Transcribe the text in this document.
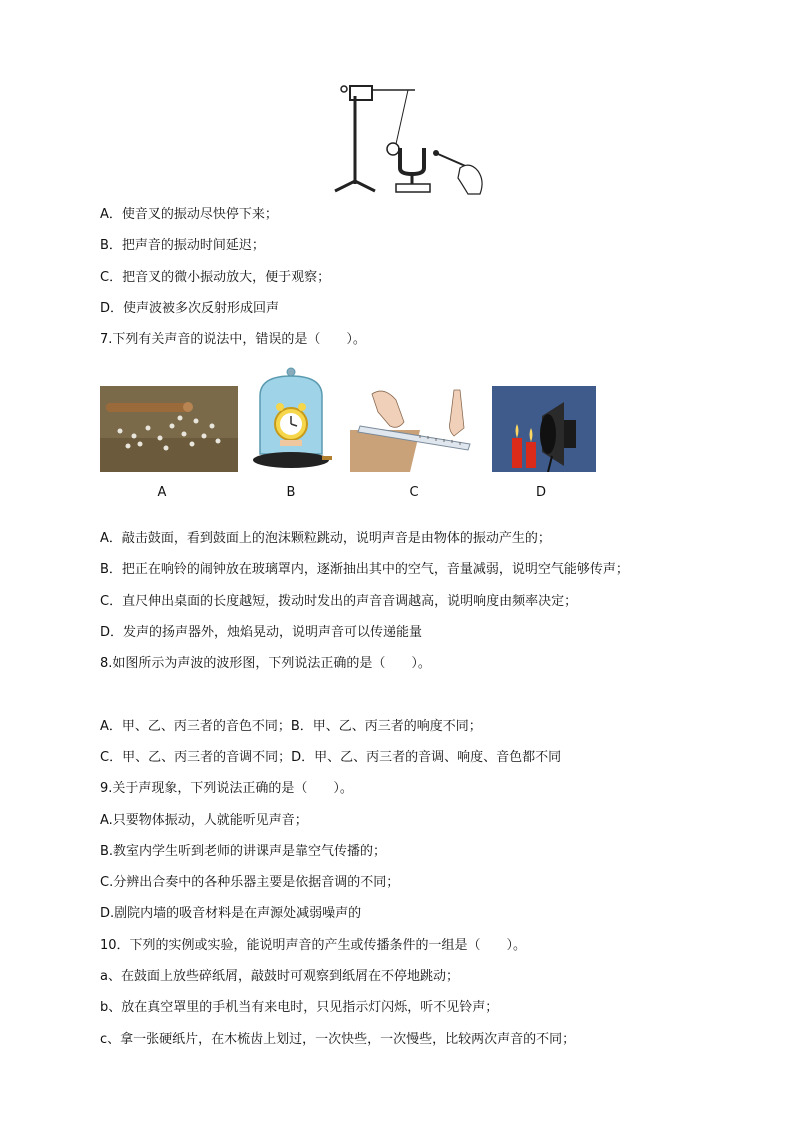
A．使音叉的振动尽快停下来；
B．把声音的振动时间延迟；
C．把音叉的微小振动放大，便于观察；
D．使声波被多次反射形成回声
7.下列有关声音的说法中，错误的是（　　）。
A	B	C	D
A．敲击鼓面，看到鼓面上的泡沫颗粒跳动，说明声音是由物体的振动产生的；
B．把正在响铃的闹钟放在玻璃罩内，逐渐抽出其中的空气，音量减弱，说明空气能够传声；
C．直尺伸出桌面的长度越短，拨动时发出的声音音调越高，说明响度由频率决定；
D．发声的扬声器外，烛焰晃动，说明声音可以传递能量
8.如图所示为声波的波形图，下列说法正确的是（　　）。
A．甲、乙、丙三者的音色不同；B．甲、乙、丙三者的响度不同；
C．甲、乙、丙三者的音调不同；D．甲、乙、丙三者的音调、响度、音色都不同
9.关于声现象，下列说法正确的是（　　）。
A.只要物体振动，人就能听见声音；
B.教室内学生听到老师的讲课声是靠空气传播的；
C.分辨出合奏中的各种乐器主要是依据音调的不同；
D.剧院内墙的吸音材料是在声源处减弱噪声的
10．下列的实例或实验，能说明声音的产生或传播条件的一组是（　　）。
a、在鼓面上放些碎纸屑，敲鼓时可观察到纸屑在不停地跳动；
b、放在真空罩里的手机当有来电时，只见指示灯闪烁，听不见铃声；
c、拿一张硬纸片，在木梳齿上划过，一次快些，一次慢些，比较两次声音的不同；
